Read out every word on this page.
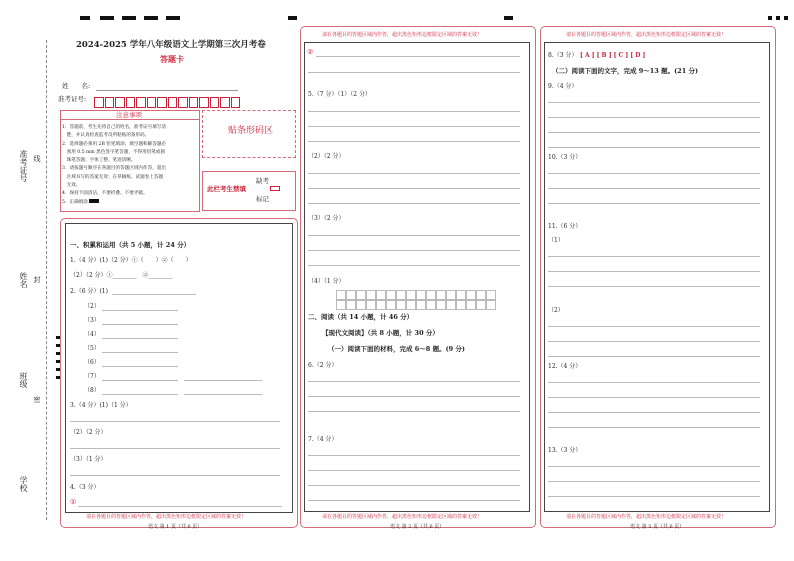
准考证号 线
姓名 封
班级
密
学校
2024-2025 学年八年级语文上学期第三次月考卷
答题卡
姓　　名:
准考证号:
注意事项
1．答题前，考生先将自己的姓名，准考证号填写清
　楚，并认真检查监考员所粘贴的条形码。
2．选择题必须用 2B 铅笔填涂；填空题和解答题必
　须用 0.5 mm 黑色签字笔答题，不得用铅笔或圆
　珠笔答题；字体工整、笔迹清晰。
3．请按题号顺序在各题目的答题区域内作答，超出
　区域书写的答案无效；在草稿纸、试题卷上答题
　无效。
4．保持卡面清洁，不要折叠、不要弄破。
5．正确填涂
贴条形码区
缺考
此栏考生禁填
标记
请在各题目的答题区域内作答，超出黑色矩形边框限定区域的答案无效！
语文 第 1 页（共 6 页）
一、积累和运用（共 5 小题，计 24 分）
1.（4 分）(1)（2 分）①（　　）②（　　）
（2）（2 分）①________　②________
2.（6 分）(1)
（2）
（3）
（4）
（5）
（6）
（7）
（8）
3.（4 分）(1)（1 分）
（2）（2 分）
（3）（1 分）
4.（3 分）
①
请在各题目的答题区域内作答，超出黑色矩形边框限定区域的答案无效！
请在各题目的答题区域内作答，超出黑色矩形边框限定区域的答案无效！
语文 第 2 页（共 6 页）
②
5.（7 分）（1）（2 分）
（2）（2 分）
（3）（2 分）
（4）（1 分）
二、阅读（共 14 小题，计 46 分）
【现代文阅读】（共 8 小题，计 30 分）
（一）阅读下面的材料，完成 6～8 题。(9 分)
6.（2 分）
7.（4 分）
请在各题目的答题区域内作答，超出黑色矩形边框限定区域的答案无效！
请在各题目的答题区域内作答，超出黑色矩形边框限定区域的答案无效！
语文 第 3 页（共 6 页）
8.（3 分） [ A ] [ B ] [ C ] [ D ]
（二）阅读下面的文字，完成 9～13 题。(21 分)
9.（4 分）
10.（3 分）
11.（6 分）
（1）
（2）
12.（4 分）
13.（3 分）
